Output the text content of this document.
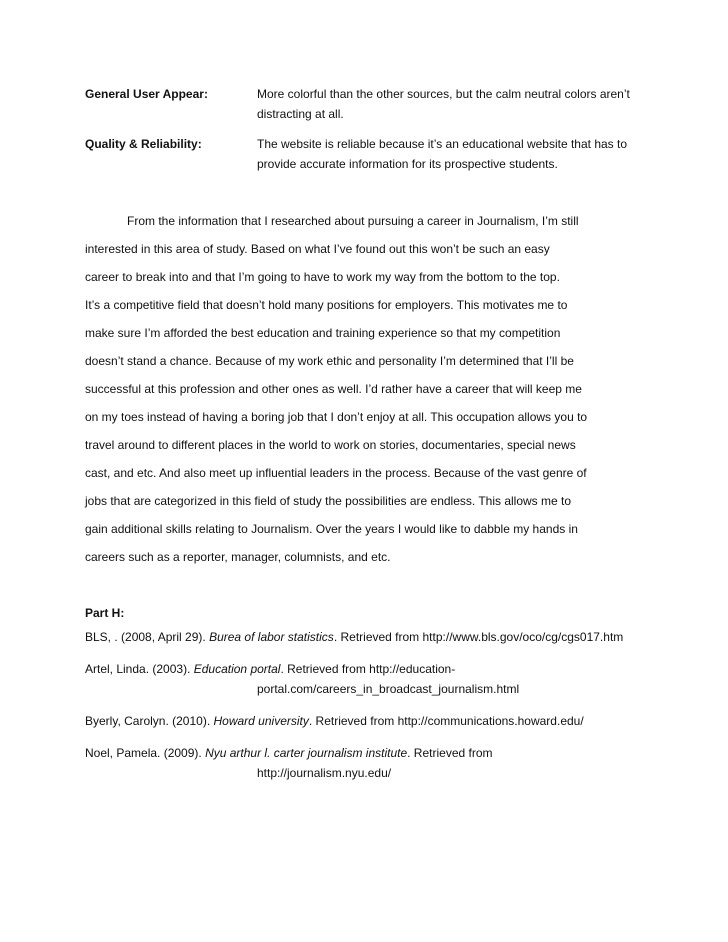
General User Appear:	More colorful than the other sources, but the calm neutral colors aren’t
distracting at all.
Quality & Reliability:	The website is reliable because it’s an educational website that has to
provide accurate information for its prospective students.
From the information that I researched about pursuing a career in Journalism, I’m still
interested in this area of study. Based on what I’ve found out this won’t be such an easy
career to break into and that I’m going to have to work my way from the bottom to the top.
It’s a competitive field that doesn’t hold many positions for employers. This motivates me to
make sure I’m afforded the best education and training experience so that my competition
doesn’t stand a chance. Because of my work ethic and personality I’m determined that I’ll be
successful at this profession and other ones as well. I’d rather have a career that will keep me
on my toes instead of having a boring job that I don’t enjoy at all. This occupation allows you to
travel around to different places in the world to work on stories, documentaries, special news
cast, and etc. And also meet up influential leaders in the process. Because of the vast genre of
jobs that are categorized in this field of study the possibilities are endless. This allows me to
gain additional skills relating to Journalism. Over the years I would like to dabble my hands in
careers such as a reporter, manager, columnists, and etc.
Part H:
BLS, . (2008, April 29). Burea of labor statistics. Retrieved from http://www.bls.gov/oco/cg/cgs017.htm
Artel, Linda. (2003). Education portal. Retrieved from http://education-
portal.com/careers_in_broadcast_journalism.html
Byerly, Carolyn. (2010). Howard university. Retrieved from http://communications.howard.edu/
Noel, Pamela. (2009). Nyu arthur l. carter journalism institute. Retrieved from
http://journalism.nyu.edu/
